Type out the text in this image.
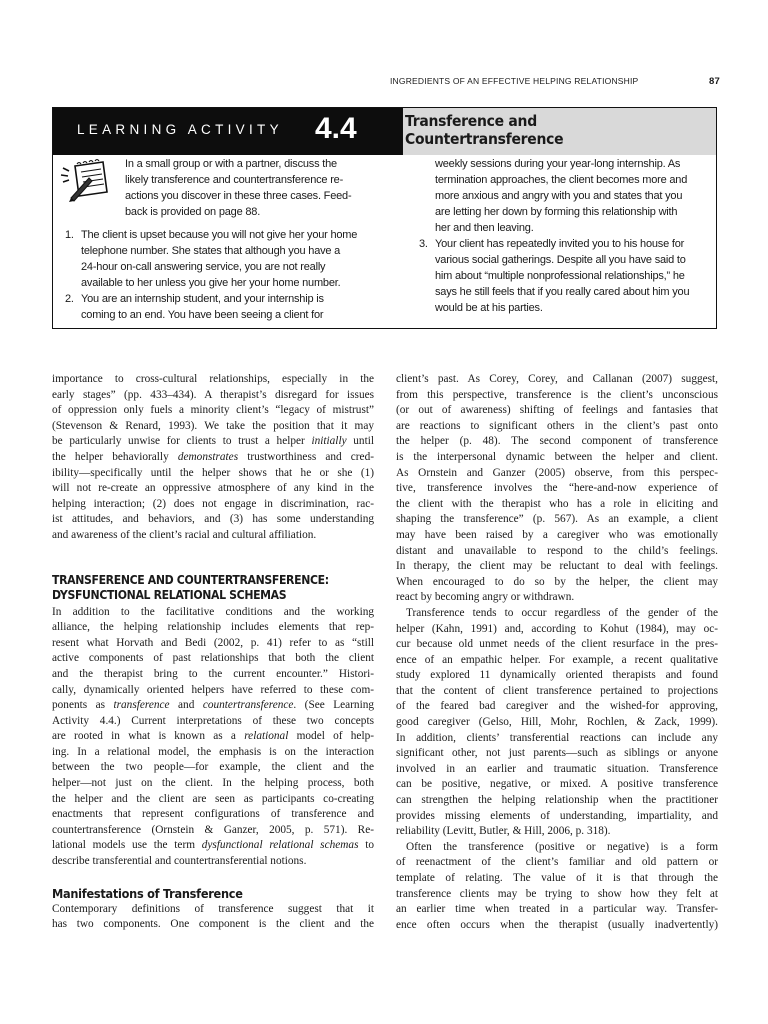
INGREDIENTS OF AN EFFECTIVE HELPING RELATIONSHIP	87
LEARNING ACTIVITY 4.4	Transference and
Countertransference
In a small group or with a partner, discuss the
likely transference and countertransference re-
actions you discover in these three cases. Feed-
back is provided on page 88.
1. The client is upset because you will not give her your home
telephone number. She states that although you have a
24-hour on-call answering service, you are not really
available to her unless you give her your home number.
2. You are an internship student, and your internship is
coming to an end. You have been seeing a client for
weekly sessions during your year-long internship. As
termination approaches, the client becomes more and
more anxious and angry with you and states that you
are letting her down by forming this relationship with
her and then leaving.
3. Your client has repeatedly invited you to his house for
various social gatherings. Despite all you have said to
him about “multiple nonprofessional relationships,” he
says he still feels that if you really cared about him you
would be at his parties.
importance to cross-cultural relationships, especially in the
early stages” (pp. 433–434). A therapist’s disregard for issues
of oppression only fuels a minority client’s “legacy of mistrust”
(Stevenson & Renard, 1993). We take the position that it may
be particularly unwise for clients to trust a helper initially until
the helper behaviorally demonstrates trustworthiness and cred-
ibility—specifically until the helper shows that he or she (1)
will not re-create an oppressive atmosphere of any kind in the
helping interaction; (2) does not engage in discrimination, rac-
ist attitudes, and behaviors, and (3) has some understanding
and awareness of the client’s racial and cultural affiliation.
TRANSFERENCE AND COUNTERTRANSFERENCE:
DYSFUNCTIONAL RELATIONAL SCHEMAS
In addition to the facilitative conditions and the working
alliance, the helping relationship includes elements that rep-
resent what Horvath and Bedi (2002, p. 41) refer to as “still
active components of past relationships that both the client
and the therapist bring to the current encounter.” Histori-
cally, dynamically oriented helpers have referred to these com-
ponents as transference and countertransference. (See Learning
Activity 4.4.) Current interpretations of these two concepts
are rooted in what is known as a relational model of help-
ing. In a relational model, the emphasis is on the interaction
between the two people—for example, the client and the
helper—not just on the client. In the helping process, both
the helper and the client are seen as participants co-creating
enactments that represent configurations of transference and
countertransference (Ornstein & Ganzer, 2005, p. 571). Re-
lational models use the term dysfunctional relational schemas to
describe transferential and countertransferential notions.
Manifestations of Transference
Contemporary definitions of transference suggest that it
has two components. One component is the client and the
client’s past. As Corey, Corey, and Callanan (2007) suggest,
from this perspective, transference is the client’s unconscious
(or out of awareness) shifting of feelings and fantasies that
are reactions to significant others in the client’s past onto
the helper (p. 48). The second component of transference
is the interpersonal dynamic between the helper and client.
As Ornstein and Ganzer (2005) observe, from this perspec-
tive, transference involves the “here-and-now experience of
the client with the therapist who has a role in eliciting and
shaping the transference” (p. 567). As an example, a client
may have been raised by a caregiver who was emotionally
distant and unavailable to respond to the child’s feelings.
In therapy, the client may be reluctant to deal with feelings.
When encouraged to do so by the helper, the client may
react by becoming angry or withdrawn.
Transference tends to occur regardless of the gender of the
helper (Kahn, 1991) and, according to Kohut (1984), may oc-
cur because old unmet needs of the client resurface in the pres-
ence of an empathic helper. For example, a recent qualitative
study explored 11 dynamically oriented therapists and found
that the content of client transference pertained to projections
of the feared bad caregiver and the wished-for approving,
good caregiver (Gelso, Hill, Mohr, Rochlen, & Zack, 1999).
In addition, clients’ transferential reactions can include any
significant other, not just parents—such as siblings or anyone
involved in an earlier and traumatic situation. Transference
can be positive, negative, or mixed. A positive transference
can strengthen the helping relationship when the practitioner
provides missing elements of understanding, impartiality, and
reliability (Levitt, Butler, & Hill, 2006, p. 318).
Often the transference (positive or negative) is a form
of reenactment of the client’s familiar and old pattern or
template of relating. The value of it is that through the
transference clients may be trying to show how they felt at
an earlier time when treated in a particular way. Transfer-
ence often occurs when the therapist (usually inadvertently)
